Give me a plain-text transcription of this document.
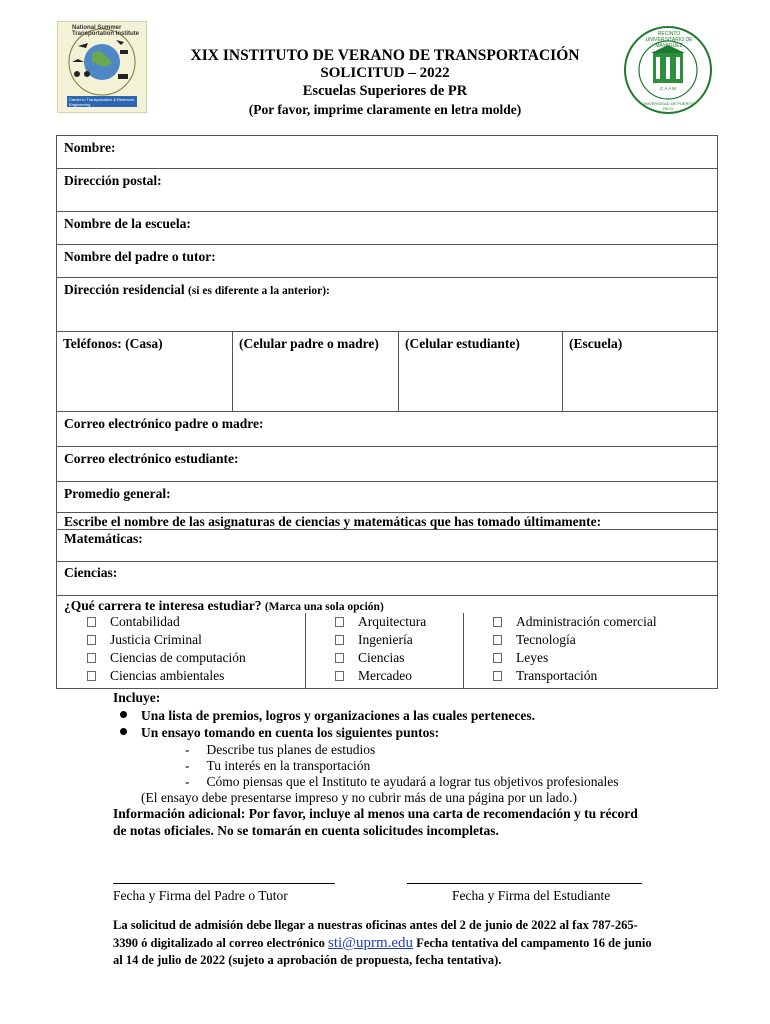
National Summer Transportation Institute
Career in Transportation & Research Engineering
RECINTO UNIVERSITARIO DE MAYAGÜEZ
C A A M
UNIVERSIDAD DE PUERTO RICO
XIX INSTITUTO DE VERANO DE TRANSPORTACIÓN
SOLICITUD – 2022
Escuelas Superiores de PR
(Por favor, imprime claramente en letra molde)
Nombre:
Dirección postal:
Nombre de la escuela:
Nombre del padre o tutor:
Dirección residencial (si es diferente a la anterior):
Teléfonos: (Casa)	(Celular padre o madre) (Celular estudiante)	(Escuela)
Correo electrónico padre o madre:
Correo electrónico estudiante:
Promedio general:
Escribe el nombre de las asignaturas de ciencias y matemáticas que has tomado últimamente:
Matemáticas:
Ciencias:
¿Qué carrera te interesa estudiar? (Marca una sola opción)
Contabilidad
Justicia Criminal
Ciencias de computación
Ciencias ambientales
Arquitectura
Ingeniería
Ciencias
Mercadeo
Administración comercial
Tecnología
Leyes
Transportación
Incluye:
Una lista de premios, logros y organizaciones a las cuales perteneces.
Un ensayo tomando en cuenta los siguientes puntos:
- Describe tus planes de estudios
- Tu interés en la transportación
- Cómo piensas que el Instituto te ayudará a lograr tus objetivos profesionales
(El ensayo debe presentarse impreso y no cubrir más de una página por un lado.)
Información adicional: Por favor, incluye al menos una carta de recomendación y tu récord
de notas oficiales. No se tomarán en cuenta solicitudes incompletas.
Fecha y Firma del Padre o Tutor	Fecha y Firma del Estudiante
La solicitud de admisión debe llegar a nuestras oficinas antes del 2 de junio de 2022 al fax 787-265-
3390 ó digitalizado al correo electrónico sti@uprm.edu Fecha tentativa del campamento 16 de junio
al 14 de julio de 2022 (sujeto a aprobación de propuesta, fecha tentativa).
